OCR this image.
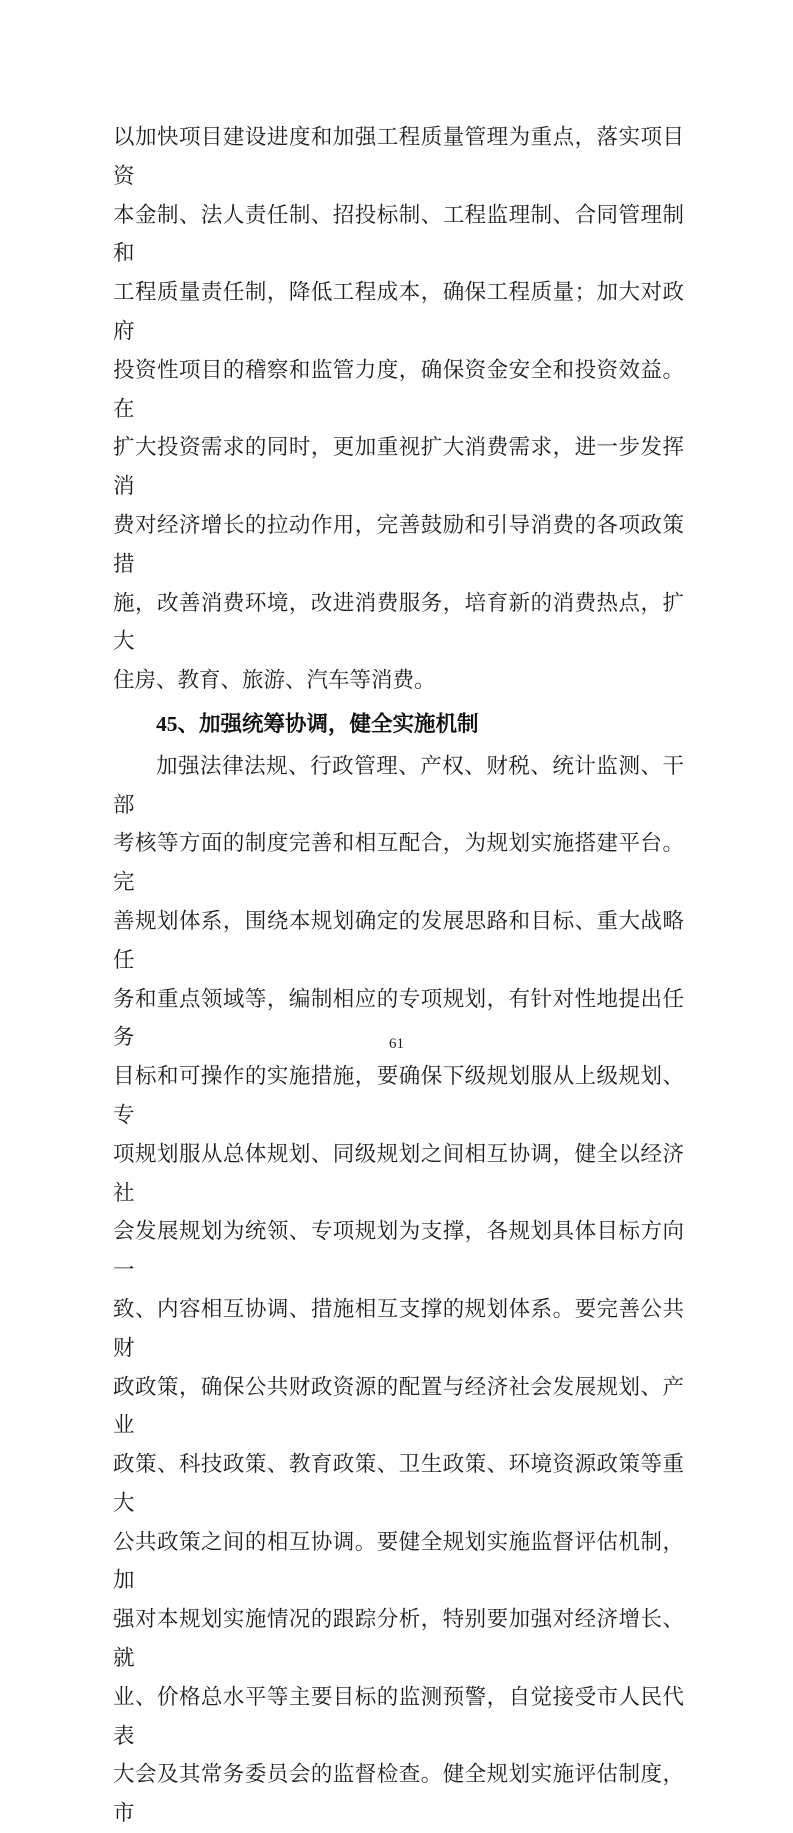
以加快项目建设进度和加强工程质量管理为重点，落实项目资
本金制、法人责任制、招投标制、工程监理制、合同管理制和
工程质量责任制，降低工程成本，确保工程质量；加大对政府
投资性项目的稽察和监管力度，确保资金安全和投资效益。在
扩大投资需求的同时，更加重视扩大消费需求，进一步发挥消
费对经济增长的拉动作用，完善鼓励和引导消费的各项政策措
施，改善消费环境，改进消费服务，培育新的消费热点，扩大
住房、教育、旅游、汽车等消费。
45、加强统筹协调，健全实施机制
加强法律法规、行政管理、产权、财税、统计监测、干部
考核等方面的制度完善和相互配合，为规划实施搭建平台。完
善规划体系，围绕本规划确定的发展思路和目标、重大战略任
务和重点领域等，编制相应的专项规划，有针对性地提出任务
目标和可操作的实施措施，要确保下级规划服从上级规划、专
项规划服从总体规划、同级规划之间相互协调，健全以经济社
会发展规划为统领、专项规划为支撑，各规划具体目标方向一
致、内容相互协调、措施相互支撑的规划体系。要完善公共财
政政策，确保公共财政资源的配置与经济社会发展规划、产业
政策、科技政策、教育政策、卫生政策、环境资源政策等重大
公共政策之间的相互协调。要健全规划实施监督评估机制，加
强对本规划实施情况的跟踪分析，特别要加强对经济增长、就
业、价格总水平等主要目标的监测预警，自觉接受市人民代表
大会及其常务委员会的监督检查。健全规划实施评估制度，市
61
